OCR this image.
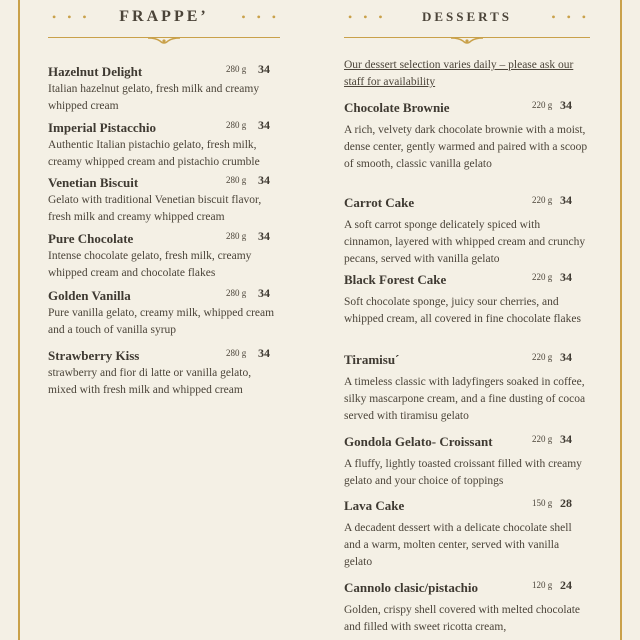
• • •	FRAPPE’	• • •
Hazelnut Delight	280 g 34
Italian hazelnut gelato, fresh milk and creamy whipped cream
Imperial Pistacchio	280 g 34
Authentic Italian pistachio gelato, fresh milk, creamy whipped cream and pistachio crumble
Venetian Biscuit	280 g 34
Gelato with traditional Venetian biscuit flavor, fresh milk and creamy whipped cream
Pure Chocolate	280 g 34
Intense chocolate gelato, fresh milk, creamy whipped cream and chocolate flakes
Golden Vanilla	280 g 34
Pure vanilla gelato, creamy milk, whipped cream and a touch of vanilla syrup
Strawberry Kiss	280 g 34
strawberry and fior di latte or vanilla gelato, mixed with fresh milk and whipped cream
• • •	DESSERTS	• • •
Our dessert selection varies daily – please ask our staff for availability
Chocolate Brownie	220 g 34
A rich, velvety dark chocolate brownie with a moist, dense center, gently warmed and paired with a scoop of smooth, classic vanilla gelato
Carrot Cake	220 g 34
A soft carrot sponge delicately spiced with cinnamon, layered with whipped cream and crunchy pecans, served with vanilla gelato
Black Forest Cake	220 g 34
Soft chocolate sponge, juicy sour cherries, and whipped cream, all covered in fine chocolate flakes
Tiramisu´	220 g 34
A timeless classic with ladyfingers soaked in coffee, silky mascarpone cream, and a fine dusting of cocoa served with tiramisu gelato
Gondola Gelato- Croissant	220 g 34
A fluffy, lightly toasted croissant filled with creamy gelato and your choice of toppings
Lava Cake	150 g 28
A decadent dessert with a delicate chocolate shell and a warm, molten center, served with vanilla gelato
Cannolo clasic/pistachio	120 g 24
Golden, crispy shell covered with melted chocolate and filled with sweet ricotta cream,
